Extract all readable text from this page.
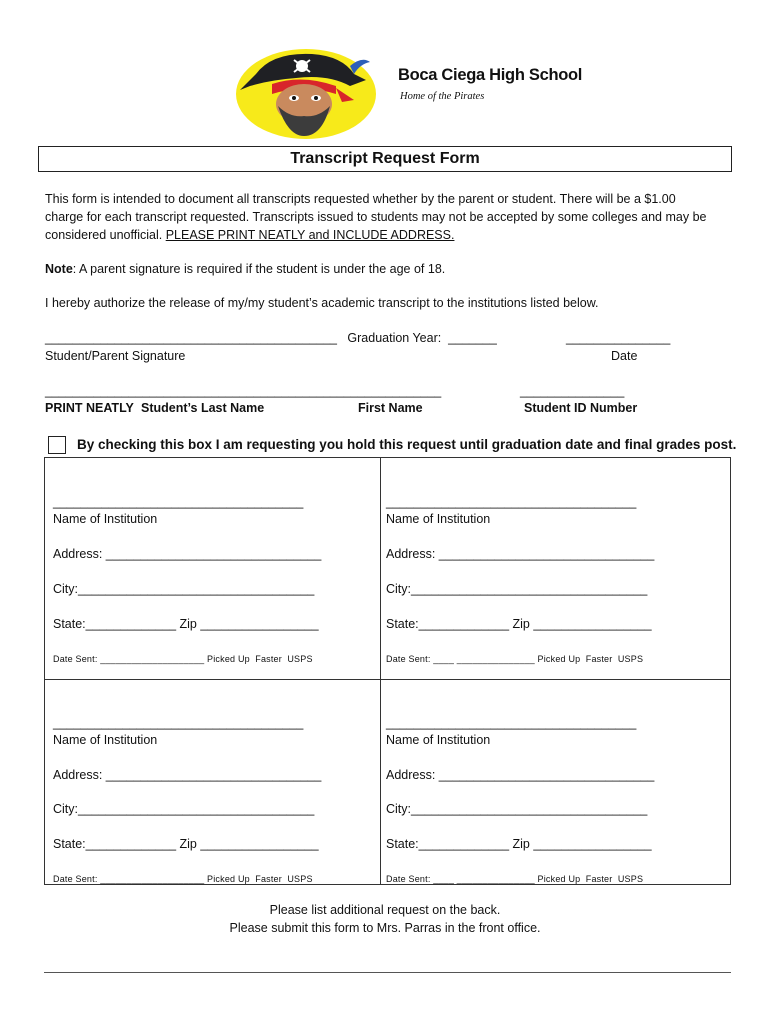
Boca Ciega High School
Home of the Pirates
Transcript Request Form
This form is intended to document all transcripts requested whether by the parent or student. There will be a $1.00
charge for each transcript requested. Transcripts issued to students may not be accepted by some colleges and may be
considered unofficial. PLEASE PRINT NEATLY and INCLUDE ADDRESS.
Note: A parent signature is required if the student is under the age of 18.
I hereby authorize the release of my/my student’s academic transcript to the institutions listed below.
__________________________________________   Graduation Year:  _______	_______________
Student/Parent Signature	Date
_________________________________________________________	_______________
PRINT NEATLY Student’s Last Name	First Name	Student ID Number
By checking this box I am requesting you hold this request until graduation date and final grades post.
____________________________________
Name of Institution
Address: _______________________________
City:__________________________________
State:_____________ Zip _________________
Date Sent: ____________________ Picked Up  Faster  USPS
____________________________________
Name of Institution
Address: _______________________________
City:__________________________________
State:_____________ Zip _________________
Date Sent: ____ _______________ Picked Up  Faster  USPS
____________________________________
Name of Institution
Address: _______________________________
City:__________________________________
State:_____________ Zip _________________
Date Sent: ____________________ Picked Up  Faster  USPS
____________________________________
Name of Institution
Address: _______________________________
City:__________________________________
State:_____________ Zip _________________
Date Sent: ____ _______________ Picked Up  Faster  USPS
Please list additional request on the back.
Please submit this form to Mrs. Parras in the front office.
